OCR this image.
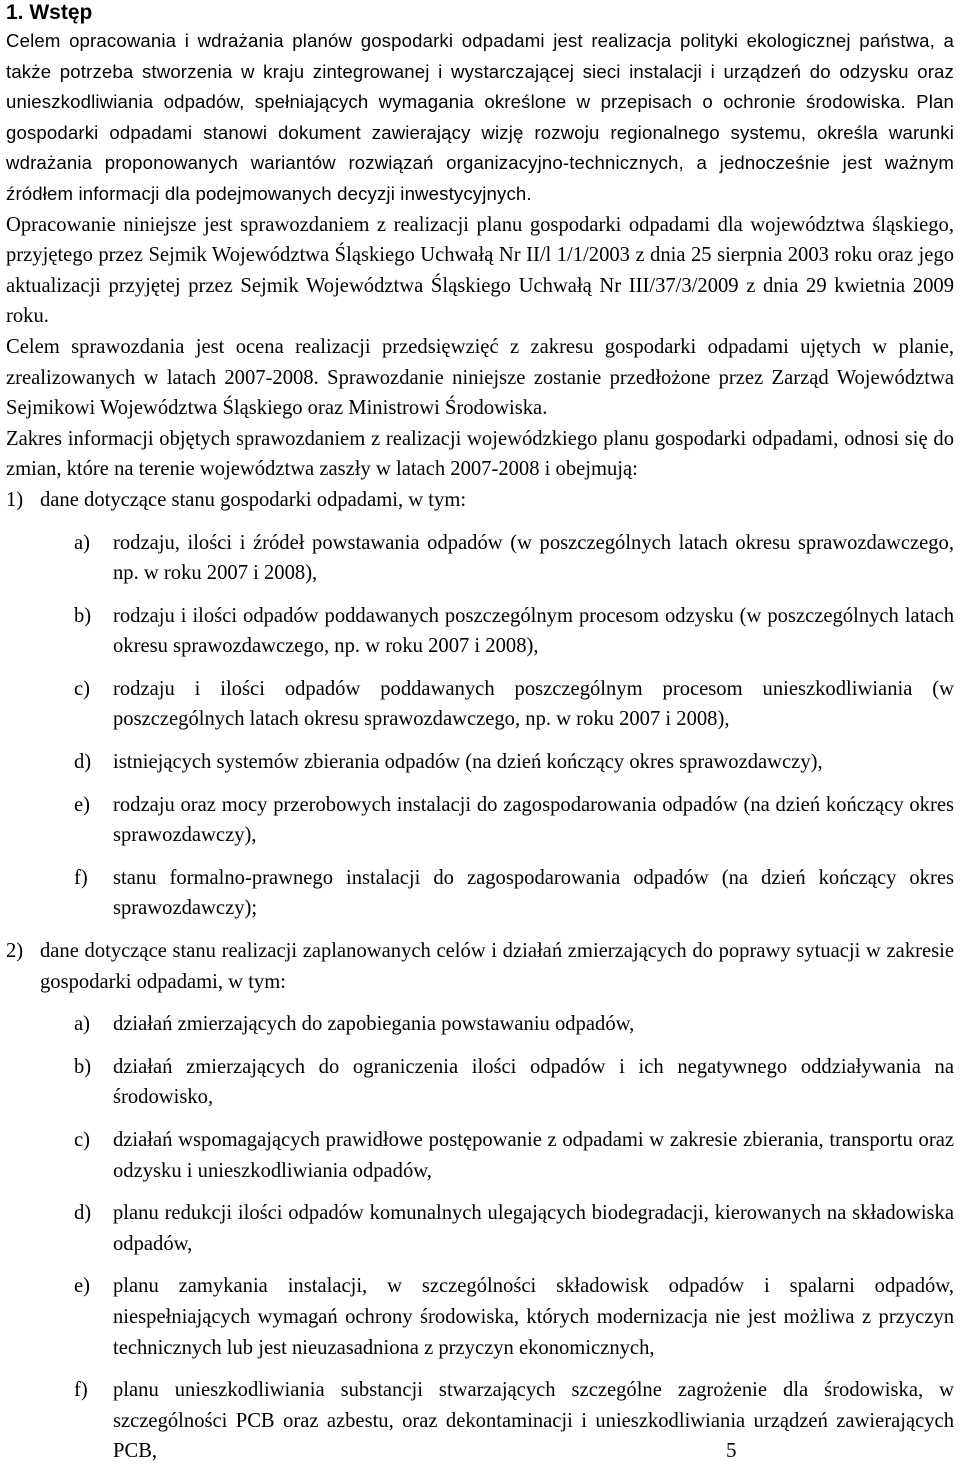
1. Wstęp

Celem opracowania i wdrażania planów gospodarki odpadami jest realizacja polityki ekologicznej państwa, a także potrzeba stworzenia w kraju zintegrowanej i wystarczającej sieci instalacji i urządzeń do odzysku oraz unieszkodliwiania odpadów, spełniających wymagania określone w przepisach o ochronie środowiska. Plan gospodarki odpadami stanowi dokument zawierający wizję rozwoju regionalnego systemu, określa warunki wdrażania proponowanych wariantów rozwiązań organizacyjno-technicznych, a jednocześnie jest ważnym źródłem informacji dla podejmowanych decyzji inwestycyjnych.

Opracowanie niniejsze jest sprawozdaniem z realizacji planu gospodarki odpadami dla województwa śląskiego, przyjętego przez Sejmik Województwa Śląskiego Uchwałą Nr II/l 1/1/2003 z dnia 25 sierpnia 2003 roku oraz jego aktualizacji przyjętej przez Sejmik Województwa Śląskiego Uchwałą Nr III/37/3/2009 z dnia 29 kwietnia 2009 roku.

Celem sprawozdania jest ocena realizacji przedsięwzięć z zakresu gospodarki odpadami ujętych w planie, zrealizowanych w latach 2007-2008. Sprawozdanie niniejsze zostanie przedłożone przez Zarząd Województwa Sejmikowi Województwa Śląskiego oraz Ministrowi Środowiska.

Zakres informacji objętych sprawozdaniem z realizacji wojewódzkiego planu gospodarki odpadami, odnosi się do zmian, które na terenie województwa zaszły w latach 2007-2008 i obejmują:

1) dane dotyczące stanu gospodarki odpadami, w tym:
a) rodzaju, ilości i źródeł powstawania odpadów (w poszczególnych latach okresu sprawozdawczego, np. w roku 2007 i 2008),
b) rodzaju i ilości odpadów poddawanych poszczególnym procesom odzysku (w poszczególnych latach okresu sprawozdawczego, np. w roku 2007 i 2008),
c) rodzaju i ilości odpadów poddawanych poszczególnym procesom unieszkodliwiania (w poszczególnych latach okresu sprawozdawczego, np. w roku 2007 i 2008),
d) istniejących systemów zbierania odpadów (na dzień kończący okres sprawozdawczy),
e) rodzaju oraz mocy przerobowych instalacji do zagospodarowania odpadów (na dzień kończący okres sprawozdawczy),
f) stanu formalno-prawnego instalacji do zagospodarowania odpadów (na dzień kończący okres sprawozdawczy);
2) dane dotyczące stanu realizacji zaplanowanych celów i działań zmierzających do poprawy sytuacji w zakresie gospodarki odpadami, w tym:
a) działań zmierzających do zapobiegania powstawaniu odpadów,
b) działań zmierzających do ograniczenia ilości odpadów i ich negatywnego oddziaływania na środowisko,
c) działań wspomagających prawidłowe postępowanie z odpadami w zakresie zbierania, transportu oraz odzysku i unieszkodliwiania odpadów,
d) planu redukcji ilości odpadów komunalnych ulegających biodegradacji, kierowanych na składowiska odpadów,
e) planu zamykania instalacji, w szczególności składowisk odpadów i spalarni odpadów, niespełniających wymagań ochrony środowiska, których modernizacja nie jest możliwa z przyczyn technicznych lub jest nieuzasadniona z przyczyn ekonomicznych,
f) planu unieszkodliwiania substancji stwarzających szczególne zagrożenie dla środowiska, w szczególności PCB oraz azbestu, oraz dekontaminacji i unieszkodliwiania urządzeń zawierających PCB,	5
